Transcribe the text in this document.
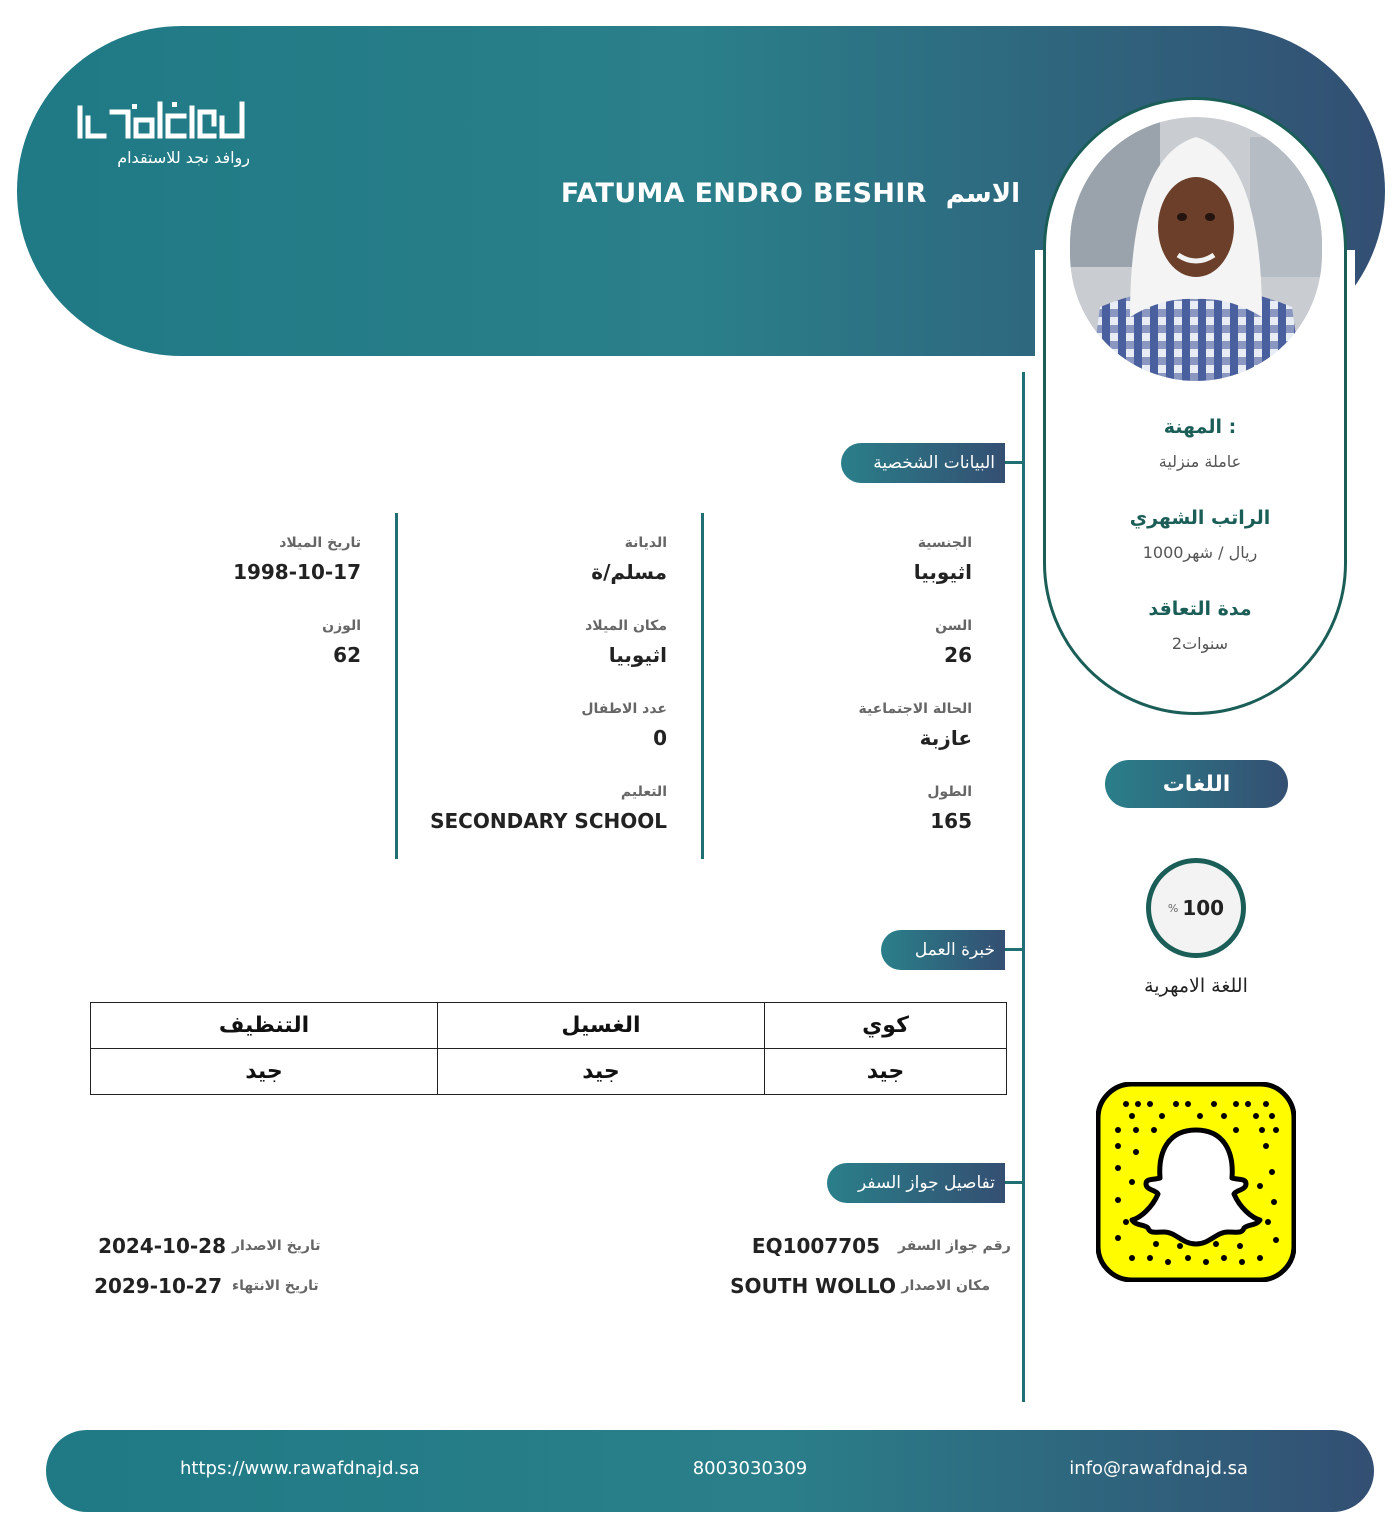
روافد نجد للاستقدام
الاسم FATUMA ENDRO BESHIR
المهنة :
عاملة منزلية
الراتب الشهري
1000ريال / شهر
مدة التعاقد
2سنوات
اللغات
% 100
اللغة الامهرية
البيانات الشخصية
الجنسية
اثيوبيا
السن
26
الحالة الاجتماعية
عازبة
الطول
165
الديانة
مسلم/ة
مكان الميلاد
اثيوبيا
عدد الاطفال
0
التعليم
SECONDARY SCHOOL
تاريخ الميلاد
1998-10-17
الوزن
62
خبرة العمل
التنظيف	الغسيل	كوي
جيد	جيد	جيد
تفاصيل جواز السفر
رقم جواز السفر
EQ1007705
مكان الاصدار
SOUTH WOLLO
تاريخ الاصدار
2024-10-28
تاريخ الانتهاء
2029-10-27
info@rawafdnajd.sa
8003030309
https://www.rawafdnajd.sa
